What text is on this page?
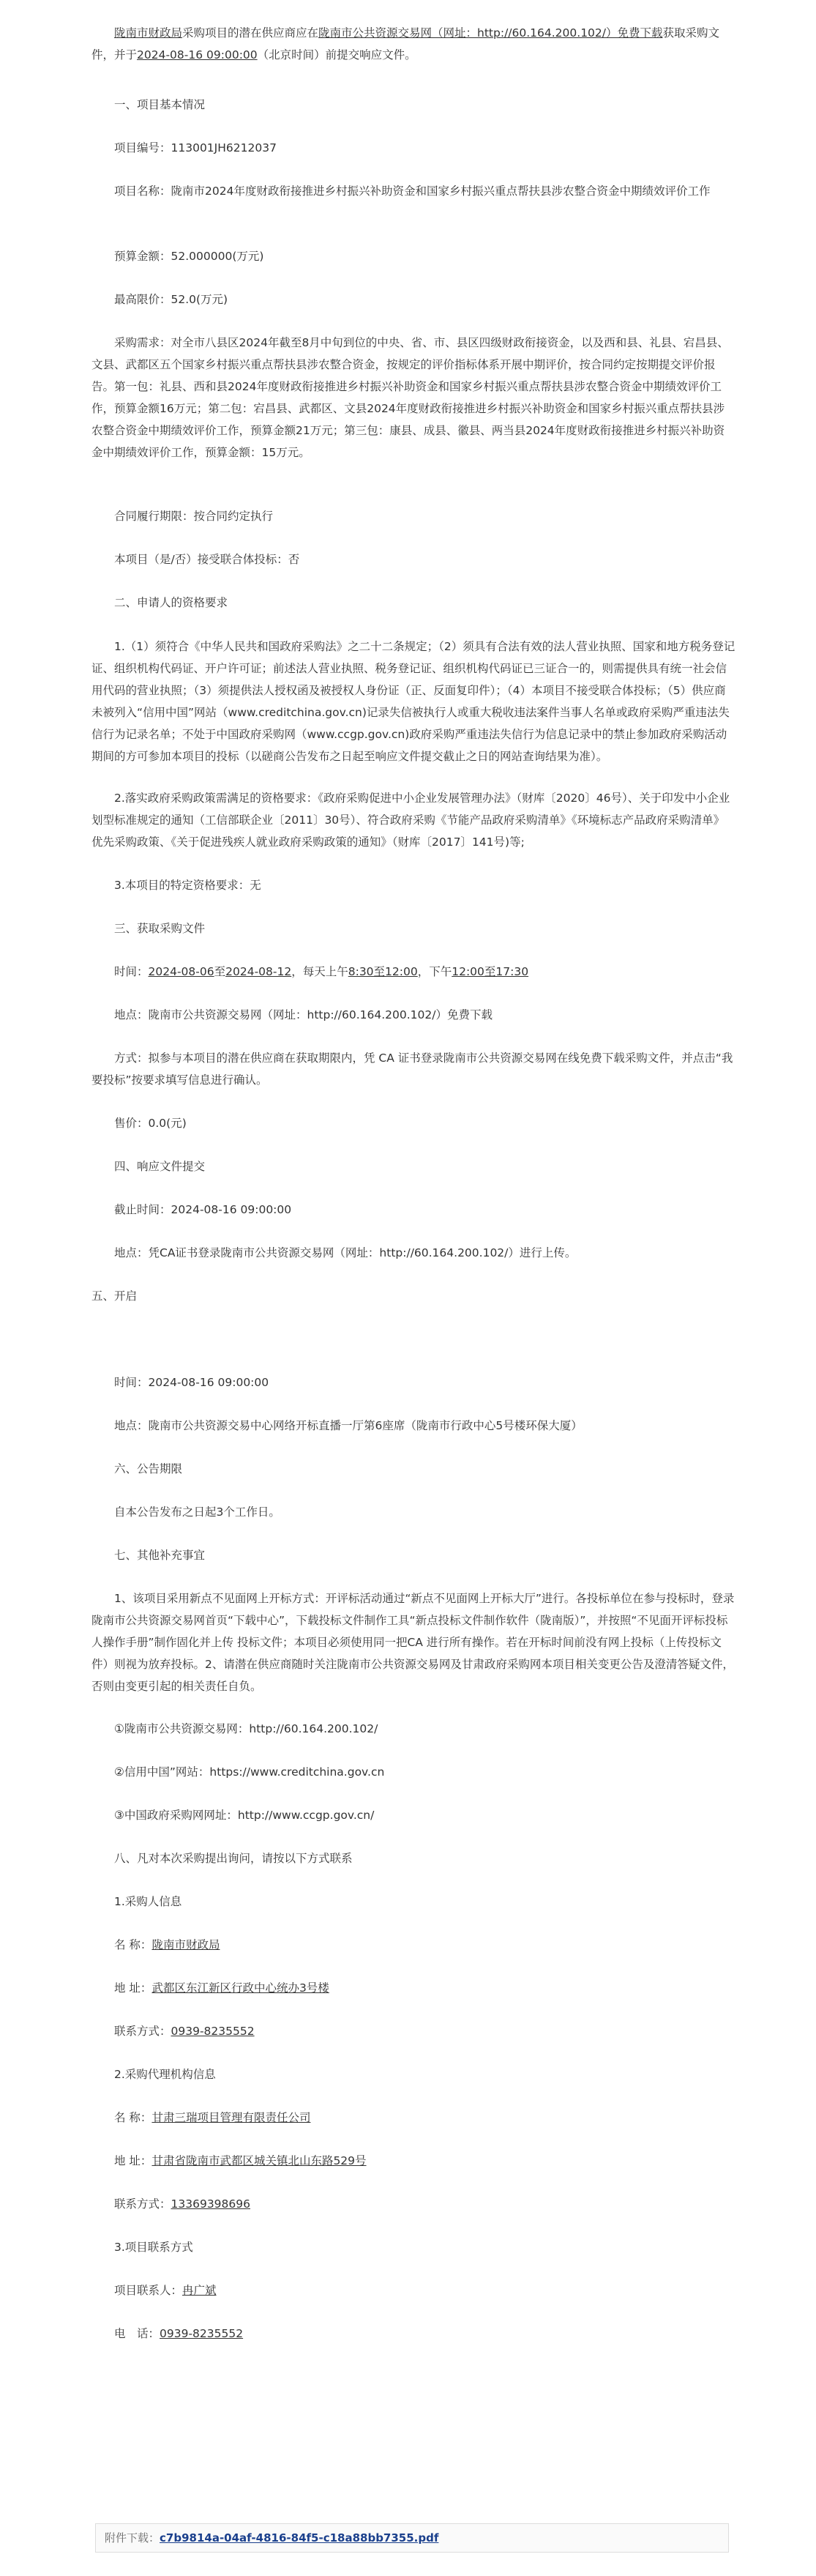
陇南市财政局采购项目的潜在供应商应在陇南市公共资源交易网（网址：http://60.164.200.102/）免费下载获取采购文件，并于2024-08-16 09:00:00（北京时间）前提交响应文件。

一、项目基本情况

项目编号：113001JH6212037

项目名称：陇南市2024年度财政衔接推进乡村振兴补助资金和国家乡村振兴重点帮扶县涉农整合资金中期绩效评价工作

预算金额：52.000000(万元)

最高限价：52.0(万元)

采购需求：对全市八县区2024年截至8月中旬到位的中央、省、市、县区四级财政衔接资金，以及西和县、礼县、宕昌县、文县、武都区五个国家乡村振兴重点帮扶县涉农整合资金，按规定的评价指标体系开展中期评价，按合同约定按期提交评价报告。第一包：礼县、西和县2024年度财政衔接推进乡村振兴补助资金和国家乡村振兴重点帮扶县涉农整合资金中期绩效评价工作，预算金额16万元；第二包：宕昌县、武都区、文县2024年度财政衔接推进乡村振兴补助资金和国家乡村振兴重点帮扶县涉农整合资金中期绩效评价工作，预算金额21万元；第三包：康县、成县、徽县、两当县2024年度财政衔接推进乡村振兴补助资金中期绩效评价工作，预算金额：15万元。

合同履行期限：按合同约定执行

本项目（是/否）接受联合体投标：否

二、申请人的资格要求

1.（1）须符合《中华人民共和国政府采购法》之二十二条规定；（2）须具有合法有效的法人营业执照、国家和地方税务登记证、组织机构代码证、开户许可证；前述法人营业执照、税务登记证、组织机构代码证已三证合一的，则需提供具有统一社会信用代码的营业执照；（3）须提供法人授权函及被授权人身份证（正、反面复印件）；（4）本项目不接受联合体投标；（5）供应商未被列入“信用中国”网站（www.creditchina.gov.cn)记录失信被执行人或重大税收违法案件当事人名单或政府采购严重违法失信行为记录名单；不处于中国政府采购网（www.ccgp.gov.cn)政府采购严重违法失信行为信息记录中的禁止参加政府采购活动期间的方可参加本项目的投标（以磋商公告发布之日起至响应文件提交截止之日的网站查询结果为准）。

2.落实政府采购政策需满足的资格要求：《政府采购促进中小企业发展管理办法》（财库〔2020〕46号）、关于印发中小企业划型标准规定的通知（工信部联企业〔2011〕30号）、符合政府采购《节能产品政府采购清单》《环境标志产品政府采购清单》优先采购政策、《关于促进残疾人就业政府采购政策的通知》（财库〔2017〕141号)等;

3.本项目的特定资格要求：无

三、获取采购文件

时间：2024-08-06至2024-08-12，每天上午8:30至12:00，下午12:00至17:30

地点：陇南市公共资源交易网（网址：http://60.164.200.102/）免费下载

方式：拟参与本项目的潜在供应商在获取期限内，凭 CA 证书登录陇南市公共资源交易网在线免费下载采购文件，并点击“我要投标”按要求填写信息进行确认。

售价：0.0(元)

四、响应文件提交

截止时间：2024-08-16 09:00:00

地点：凭CA证书登录陇南市公共资源交易网（网址：http://60.164.200.102/）进行上传。

五、开启

时间：2024-08-16 09:00:00

地点：陇南市公共资源交易中心网络开标直播一厅第6座席（陇南市行政中心5号楼环保大厦）

六、公告期限

自本公告发布之日起3个工作日。

七、其他补充事宜

1、该项目采用新点不见面网上开标方式：开评标活动通过“新点不见面网上开标大厅”进行。各投标单位在参与投标时，登录陇南市公共资源交易网首页“下载中心”，下载投标文件制作工具“新点投标文件制作软件（陇南版）”，并按照“不见面开评标投标人操作手册”制作固化并上传 投标文件；本项目必须使用同一把CA 进行所有操作。若在开标时间前没有网上投标（上传投标文件）则视为放弃投标。2、请潜在供应商随时关注陇南市公共资源交易网及甘肃政府采购网本项目相关变更公告及澄清答疑文件，否则由变更引起的相关责任自负。

①陇南市公共资源交易网：http://60.164.200.102/

②信用中国”网站：https://www.creditchina.gov.cn

③中国政府采购网网址：http://www.ccgp.gov.cn/

八、凡对本次采购提出询问，请按以下方式联系

1.采购人信息

名 称：陇南市财政局

地 址：武都区东江新区行政中心统办3号楼

联系方式：0939-8235552

2.采购代理机构信息

名 称：甘肃三瑞项目管理有限责任公司

地 址：甘肃省陇南市武都区城关镇北山东路529号

联系方式：13369398696

3.项目联系方式

项目联系人：冉广斌

电　话：0939-8235552

附件下载：c7b9814a-04af-4816-84f5-c18a88bb7355.pdf
